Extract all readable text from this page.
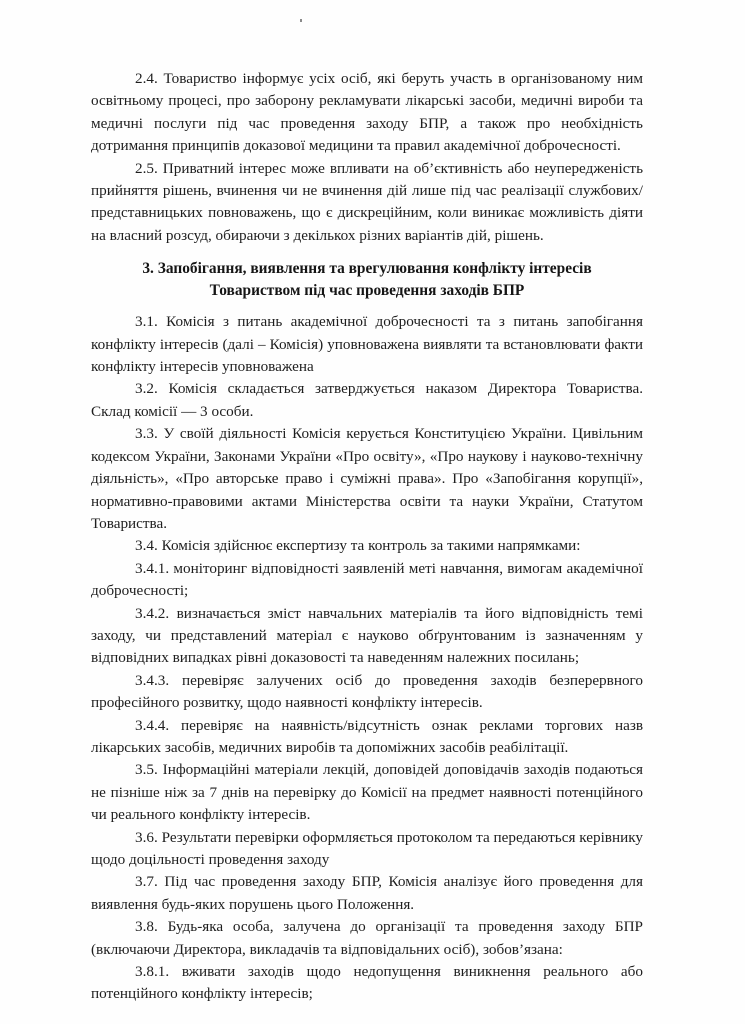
2.4. Товариство інформує усіх осіб, які беруть участь в організованому ним освітньому процесі, про заборону рекламувати лікарські засоби, медичні вироби та медичні послуги під час проведення заходу БПР, а також про необхідність дотримання принципів доказової медицини та правил академічної доброчесності.

2.5. Приватний інтерес може впливати на об’єктивність або неупередженість прийняття рішень, вчинення чи не вчинення дій лише під час реалізації службових/представницьких повноважень, що є дискреційним, коли виникає можливість діяти на власний розсуд, обираючи з декількох різних варіантів дій, рішень.

3. Запобігання, виявлення та врегулювання конфлікту інтересів
Товариством під час проведення заходів БПР

3.1. Комісія з питань академічної доброчесності та з питань запобігання конфлікту інтересів (далі – Комісія) уповноважена виявляти та встановлювати факти конфлікту інтересів уповноважена

3.2. Комісія складається затверджується наказом Директора Товариства. Склад комісії — 3 особи.

3.3. У своїй діяльності Комісія керується Конституцією України. Цивільним кодексом України, Законами України «Про освіту», «Про наукову і науково-технічну діяльність», «Про авторське право і суміжні права». Про «Запобігання корупції», нормативно-правовими актами Міністерства освіти та науки України, Статутом Товариства.

3.4. Комісія здійснює експертизу та контроль за такими напрямками:

3.4.1. моніторинг відповідності заявленій меті навчання, вимогам академічної доброчесності;

3.4.2. визначається зміст навчальних матеріалів та його відповідність темі заходу, чи представлений матеріал є науково обґрунтованим із зазначенням у відповідних випадках рівні доказовості та наведенням належних посилань;

3.4.3. перевіряє залучених осіб до проведення заходів безперервного професійного розвитку, щодо наявності конфлікту інтересів.

3.4.4. перевіряє на наявність/відсутність ознак реклами торгових назв лікарських засобів, медичних виробів та допоміжних засобів реабілітації.

3.5. Інформаційні матеріали лекцій, доповідей доповідачів заходів подаються не пізніше ніж за 7 днів на перевірку до Комісії на предмет наявності потенційного чи реального конфлікту інтересів.

3.6. Результати перевірки оформляється протоколом та передаються керівнику щодо доцільності проведення заходу

3.7. Під час проведення заходу БПР, Комісія аналізує його проведення для виявлення будь-яких порушень цього Положення.

3.8. Будь-яка особа, залучена до організації та проведення заходу БПР (включаючи Директора, викладачів та відповідальних осіб), зобов’язана:

3.8.1. вживати заходів щодо недопущення виникнення реального або потенційного конфлікту інтересів;
